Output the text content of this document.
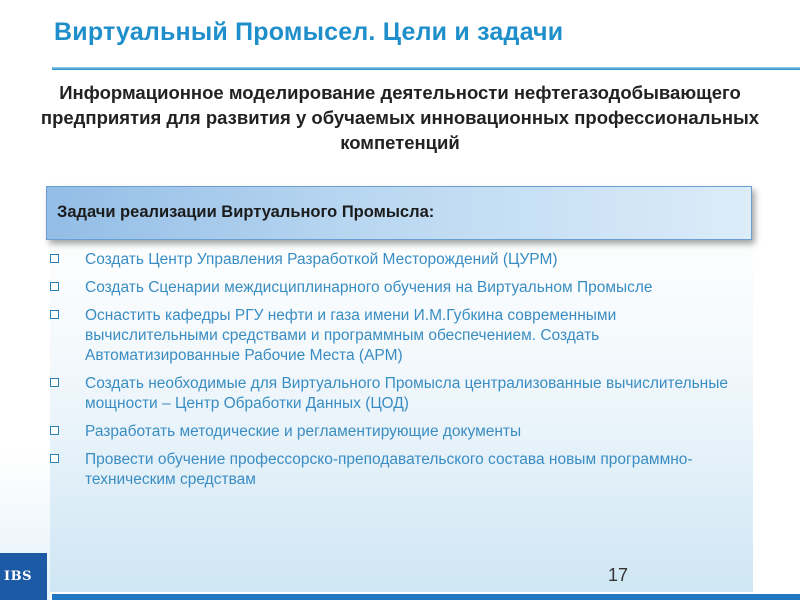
Виртуальный Промысел. Цели и задачи
Информационное моделирование деятельности нефтегазодобывающего предприятия для развития у обучаемых инновационных профессиональных компетенций
Задачи реализации Виртуального Промысла:
Создать Центр Управления Разработкой Месторождений (ЦУРМ)
Создать Сценарии междисциплинарного обучения на Виртуальном Промысле
Оснастить кафедры РГУ нефти и газа имени И.М.Губкина современными вычислительными средствами и программным обеспечением. Создать Автоматизированные Рабочие Места (АРМ)
Создать необходимые для Виртуального Промысла централизованные вычислительные мощности – Центр Обработки Данных (ЦОД)
Разработать методические и регламентирующие документы
Провести обучение профессорско-преподавательского состава новым программно-техническим средствам
IBS	17
